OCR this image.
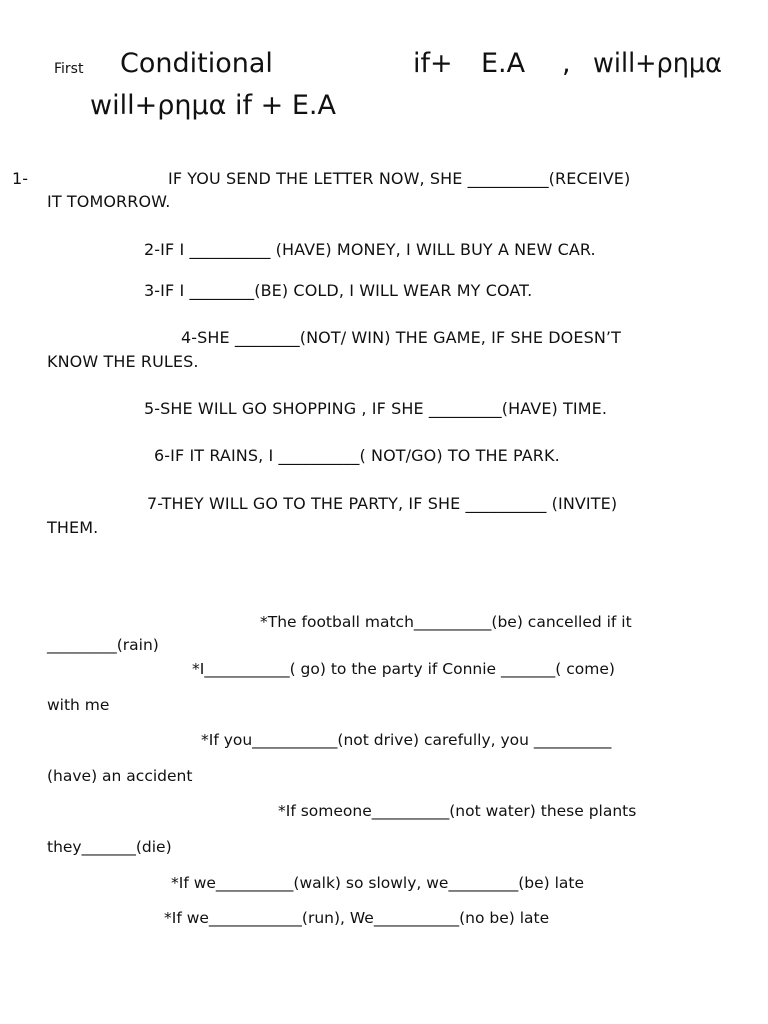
First Conditional	if+ E.A , will+ρημα
will+ρημα if + E.A
1-	IF YOU SEND THE LETTER NOW, SHE __________(RECEIVE)
IT TOMORROW.
2-IF I __________ (HAVE) MONEY, I WILL BUY A NEW CAR.
3-IF I ________(BE) COLD, I WILL WEAR MY COAT.
4-SHE ________(NOT/ WIN) THE GAME, IF SHE DOESN’T
KNOW THE RULES.
5-SHE WILL GO SHOPPING , IF SHE _________(HAVE) TIME.
6-IF IT RAINS, I __________( NOT/GO) TO THE PARK.
7-THEY WILL GO TO THE PARTY, IF SHE __________ (INVITE)
THEM.
*The football match__________(be) cancelled if it
_________(rain)
*I___________( go) to the party if Connie _______( come)
with me
*If you___________(not drive) carefully, you __________
(have) an accident
*If someone__________(not water) these plants
they_______(die)
*If we__________(walk) so slowly, we_________(be) late
*If we____________(run), We___________(no be) late
